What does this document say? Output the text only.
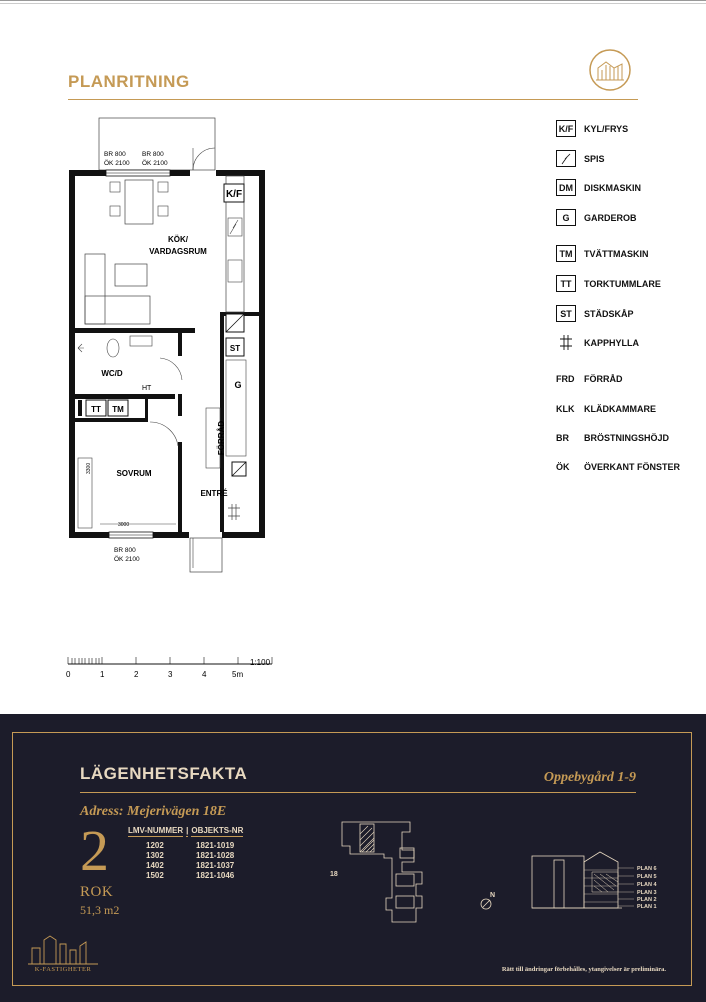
PLANRITNING
K/F
ST
G
FÖRRÅD
TT TM
3000
3300
KÖK/
VARDAGSRUM
WC/D
HT
SOVRUM
ENTRÉ
BR 800
ÖK 2100
BR 800
ÖK 2100
BR 800
ÖK 2100
0	1	2	3	4	5m
1:100
K/F	KYL/FRYS
SPIS
DM	DISKMASKIN
G	GARDEROB
TM	TVÄTTMASKIN
TT	TORKTUMMLARE
ST	STÄDSKÅP
KAPPHYLLA
FRD	FÖRRÅD
KLK	KLÄDKAMMARE
BR	BRÖSTNINGSHÖJD
ÖK	ÖVERKANT FÖNSTER
LÄGENHETSFAKTA	Oppebygård 1-9
Adress: Mejerivägen 18E
2
ROK
51,3 m2
LMV-NUMMER | OBJEKTS-NR
1202	1821-1019
1302	1821-1028
1402	1821-1037
1502	1821-1046	18
N
PLAN 6
PLAN 5
PLAN 4
PLAN 3
PLAN 2
PLAN 1
Rätt till ändringar förbehålles, ytangivelser är preliminära.
K-FASTIGHETER
